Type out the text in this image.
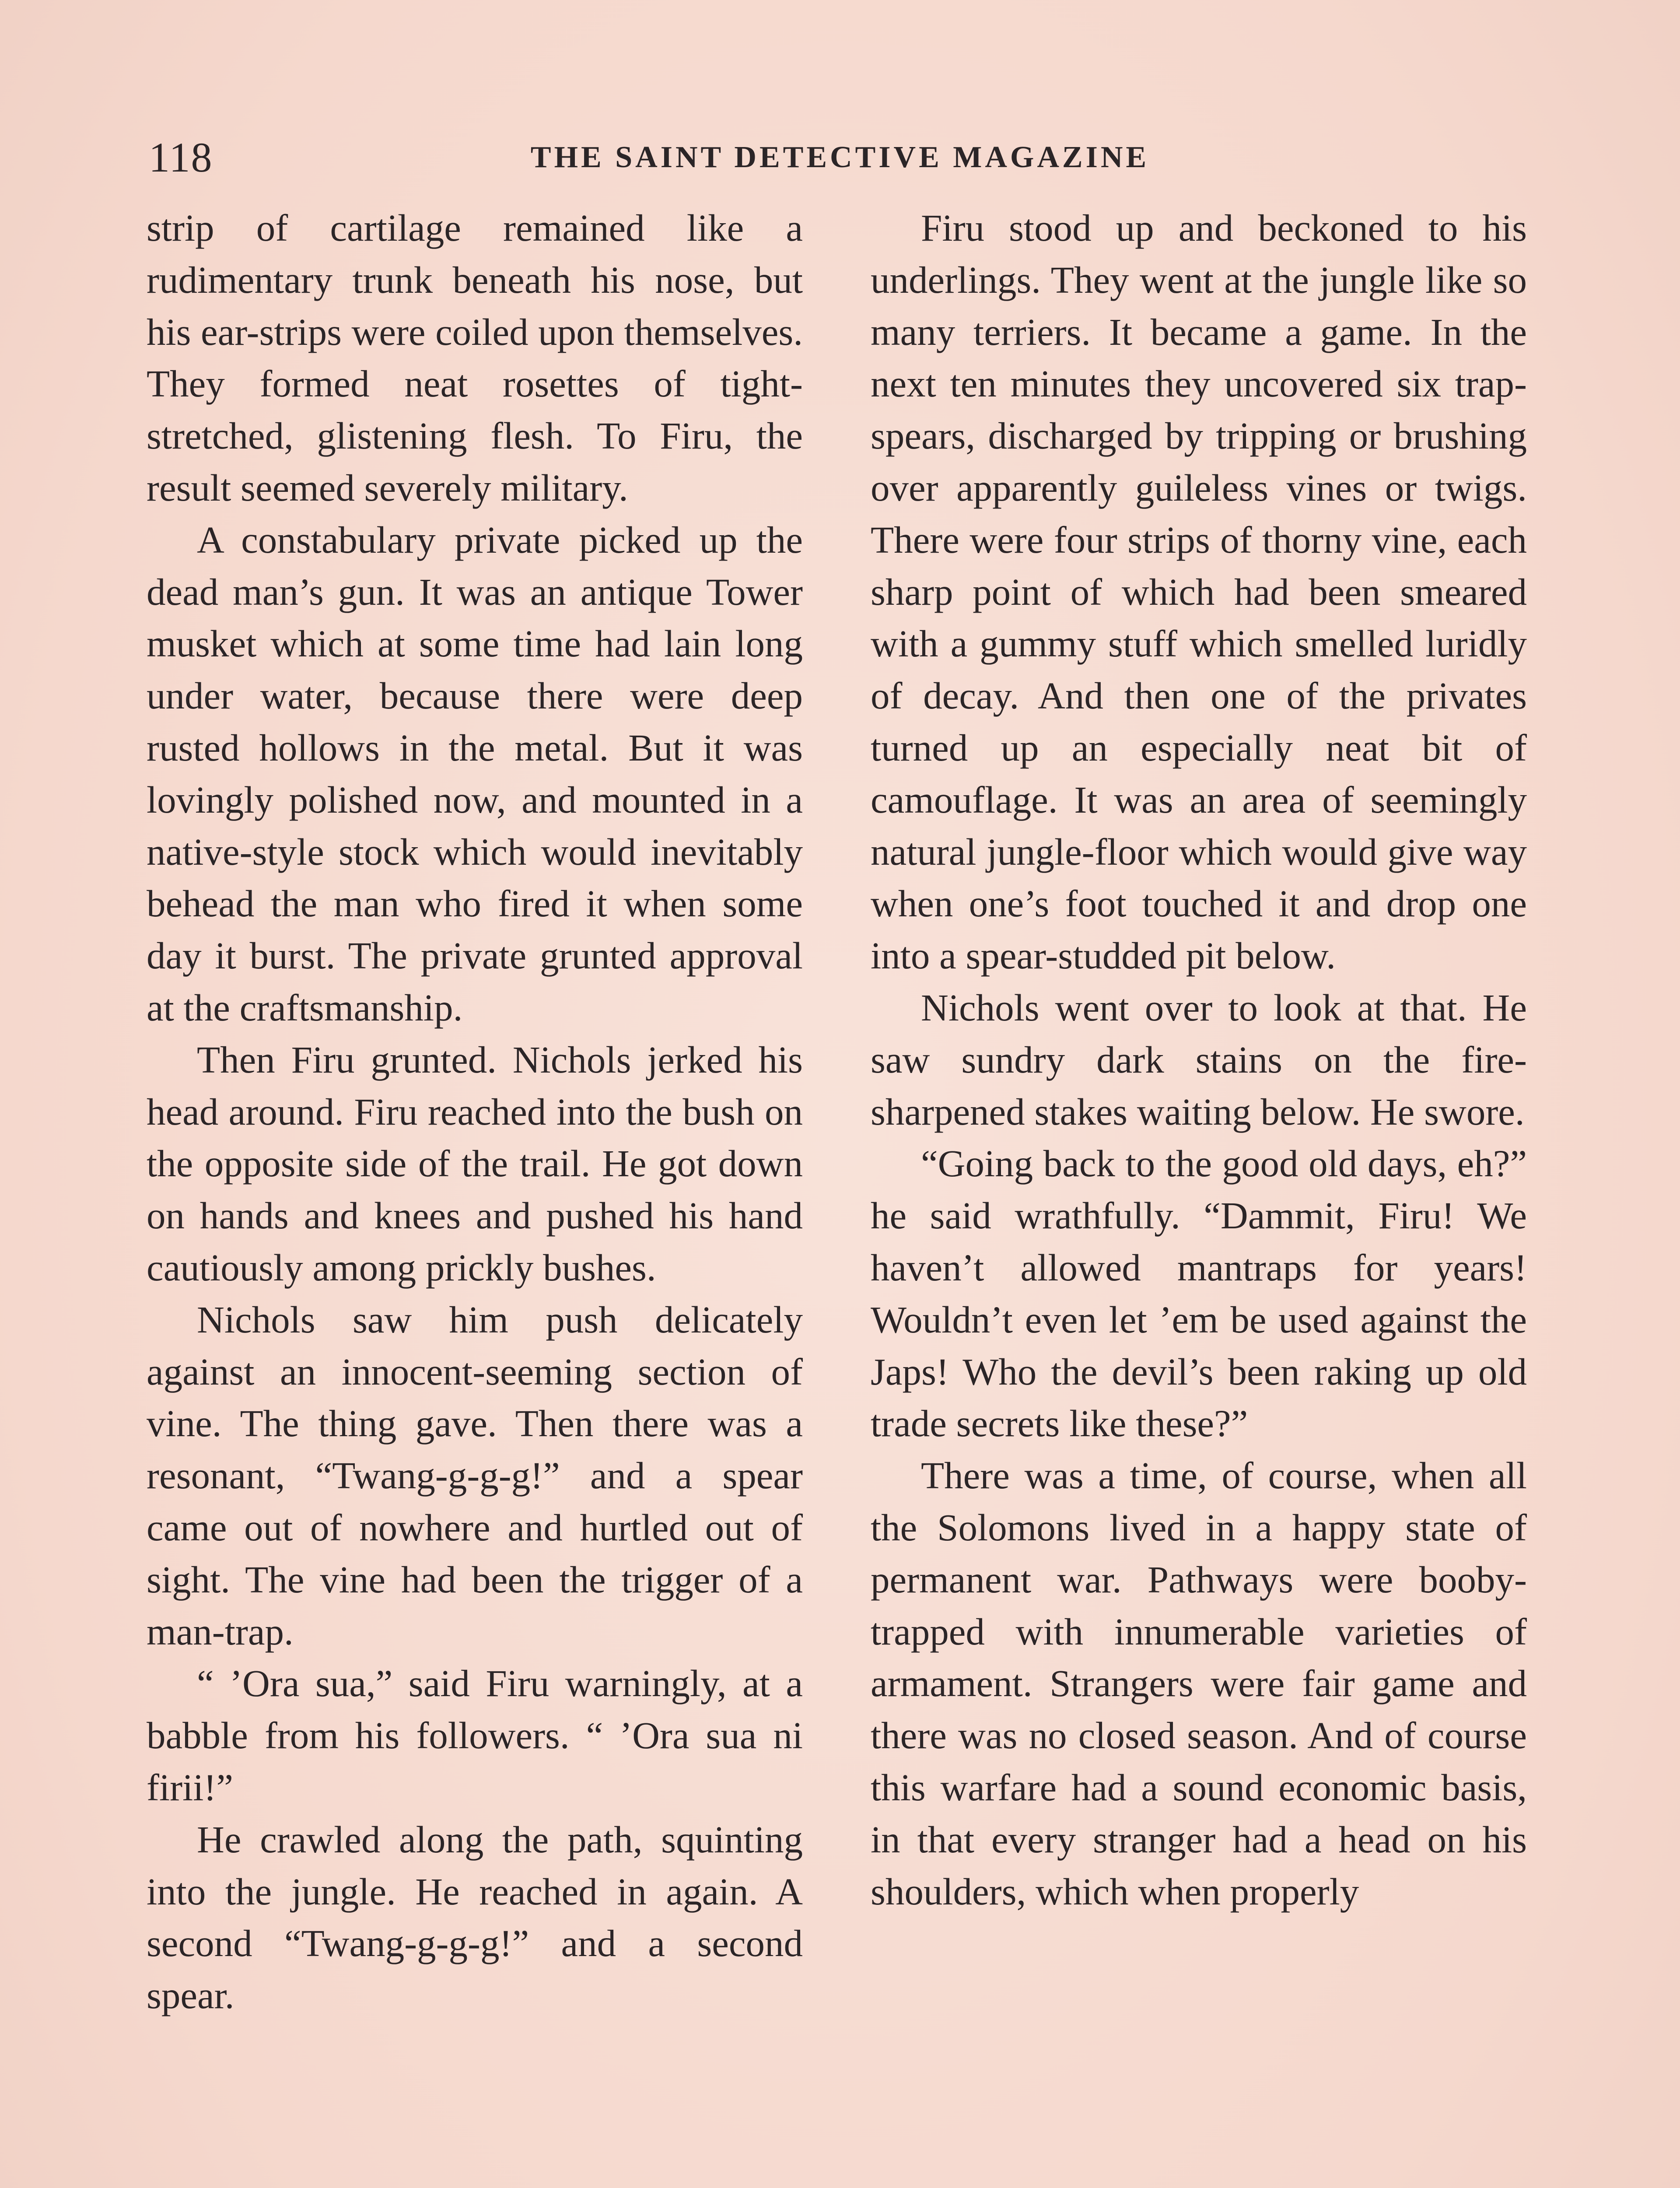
118	THE SAINT DETECTIVE MAGAZINE

strip of cartilage remained like a rudimentary trunk beneath his nose, but his ear-strips were coiled upon themselves. They formed neat rosettes of tight-stretched, glistening flesh. To Firu, the result seemed severely military.

A constabulary private picked up the dead man’s gun. It was an antique Tower musket which at some time had lain long under water, because there were deep rusted hollows in the metal. But it was lovingly polished now, and mounted in a native-style stock which would inevitably behead the man who fired it when some day it burst. The private grunted approval at the craftsmanship.

Then Firu grunted. Nichols jerked his head around. Firu reached into the bush on the opposite side of the trail. He got down on hands and knees and pushed his hand cautiously among prickly bushes.

Nichols saw him push delicately against an innocent-seeming section of vine. The thing gave. Then there was a resonant, “Twang-g-g-g!” and a spear came out of nowhere and hurtled out of sight. The vine had been the trigger of a man-trap.

“ ’Ora sua,” said Firu warningly, at a babble from his followers. “ ’Ora sua ni firii!”

He crawled along the path, squinting into the jungle. He reached in again. A second “Twang-g-g-g!” and a second spear.

Firu stood up and beckoned to his underlings. They went at the jungle like so many terriers. It became a game. In the next ten minutes they uncovered six trap-spears, discharged by tripping or brushing over apparently guileless vines or twigs. There were four strips of thorny vine, each sharp point of which had been smeared with a gummy stuff which smelled luridly of decay. And then one of the privates turned up an especially neat bit of camouflage. It was an area of seemingly natural jungle-floor which would give way when one’s foot touched it and drop one into a spear-studded pit below.

Nichols went over to look at that. He saw sundry dark stains on the fire-sharpened stakes waiting below. He swore.

“Going back to the good old days, eh?” he said wrathfully. “Dammit, Firu! We haven’t allowed mantraps for years! Wouldn’t even let ’em be used against the Japs! Who the devil’s been raking up old trade secrets like these?”

There was a time, of course, when all the Solomons lived in a happy state of permanent war. Pathways were booby-trapped with innumerable varieties of armament. Strangers were fair game and there was no closed season. And of course this warfare had a sound economic basis, in that every stranger had a head on his shoulders, which when properly
